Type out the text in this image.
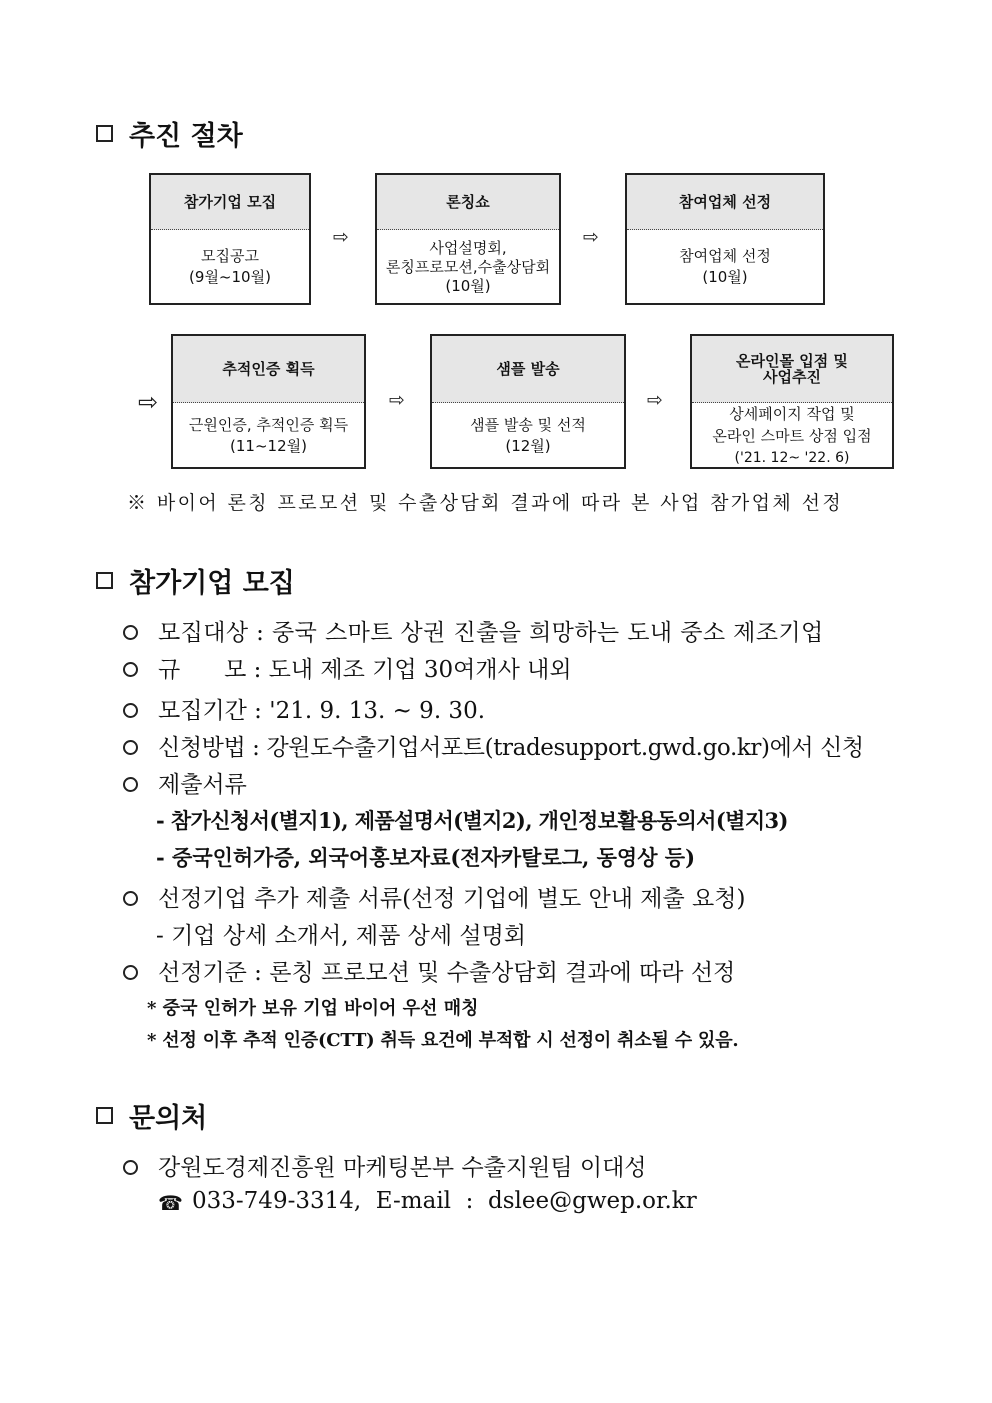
추진 절차
참가기업 모집
모집공고
(9월~10월)
⇨
론칭쇼
사업설명회,
론칭프로모션,수출상담회
(10월)
⇨
참여업체 선정
참여업체 선정
(10월)
⇨
추적인증 획득
근원인증, 추적인증 획득
(11~12월)
⇨
샘플 발송
샘플 발송 및 선적
(12월)
⇨
온라인몰 입점 및
사업추진
상세페이지 작업 및
온라인 스마트 상점 입점
('21. 12~ '22. 6)
※ 바이어 론칭 프로모션 및 수출상담회 결과에 따라 본 사업 참가업체 선정
참가기업 모집
모집대상 : 중국 스마트 상권 진출을 희망하는 도내 중소 제조기업
규      모 : 도내 제조 기업 30여개사 내외
모집기간 : '21. 9. 13. ~ 9. 30.
신청방법 : 강원도수출기업서포트(tradesupport.gwd.go.kr)에서 신청
제출서류
- 참가신청서(별지1), 제품설명서(별지2), 개인정보활용동의서(별지3)
- 중국인허가증, 외국어홍보자료(전자카탈로그, 동영상 등)
선정기업 추가 제출 서류(선정 기업에 별도 안내 제출 요청)
- 기업 상세 소개서, 제품 상세 설명회
선정기준 : 론칭 프로모션 및 수출상담회 결과에 따라 선정
* 중국 인허가 보유 기업 바이어 우선 매칭
* 선정 이후 추적 인증(CTT) 취득 요건에 부적합 시 선정이 취소될 수 있음.
문의처
강원도경제진흥원 마케팅본부 수출지원팀 이대성
☎ 033-749-3314,  E-mail  :  dslee@gwep.or.kr
